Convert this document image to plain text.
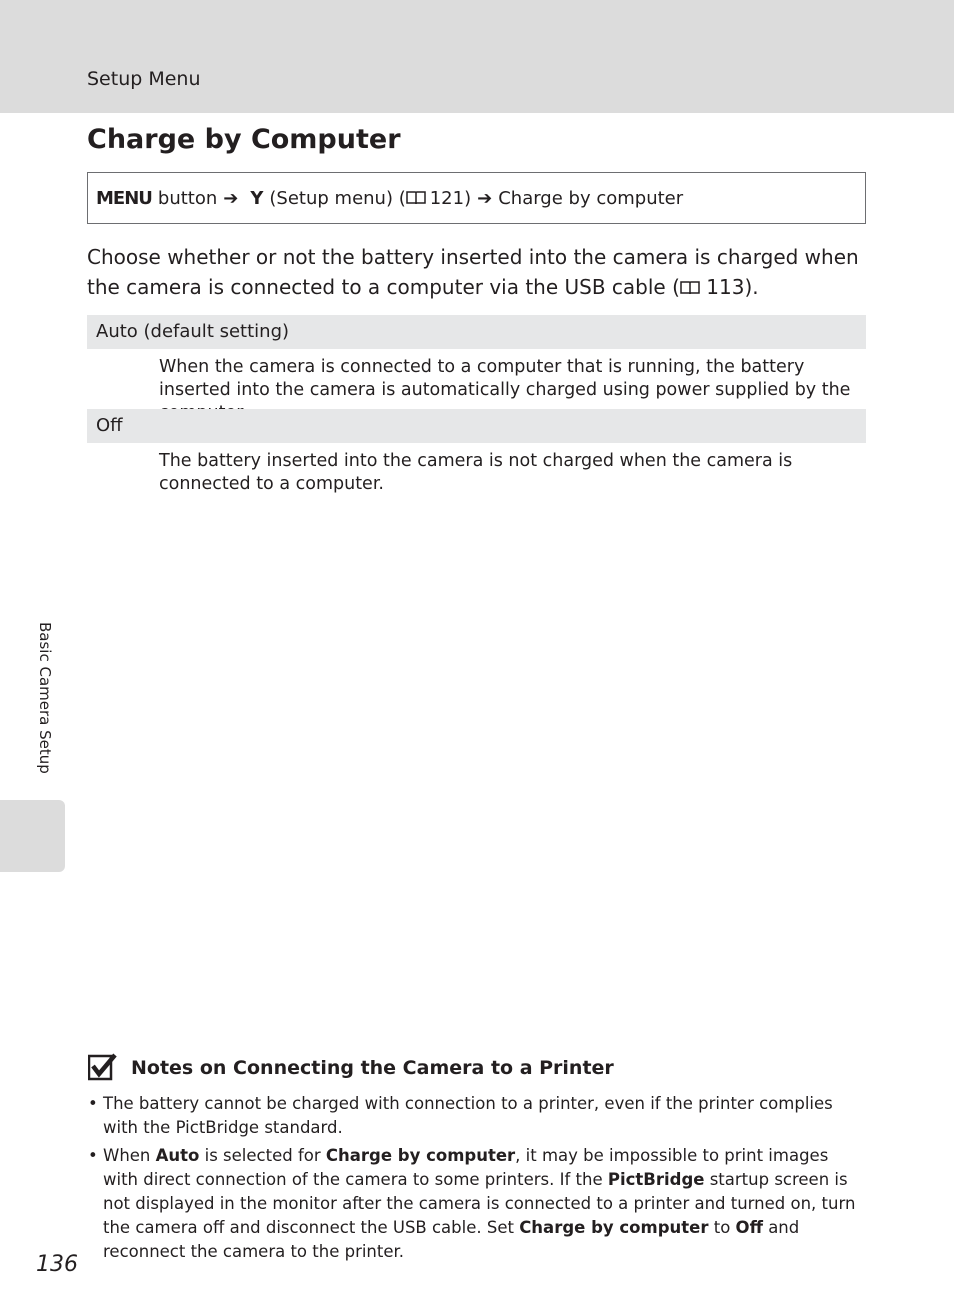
Setup Menu
Charge by Computer
MENU button ➔ Y (Setup menu) ( 121) ➔ Charge by computer

Choose whether or not the battery inserted into the camera is charged when the camera is connected to a computer via the USB cable ( 113).

Auto (default setting)

When the camera is connected to a computer that is running, the battery inserted into the camera is automatically charged using power supplied by the

Off

The battery inserted into the camera is not charged when the camera is connected to a computer.

Basic Camera Setup
Notes on Connecting the Camera to a Printer
• The battery cannot be charged with connection to a printer, even if the printer complies with the PictBridge standard.
• When Auto is selected for Charge by computer, it may be impossible to print images with direct connection of the camera to some printers. If the PictBridge startup screen is not displayed in the monitor after the camera is connected to a printer and turned on, turn the camera off and disconnect the USB cable. Set Charge by computer to Off and reconnect the camera to the printer.
136
